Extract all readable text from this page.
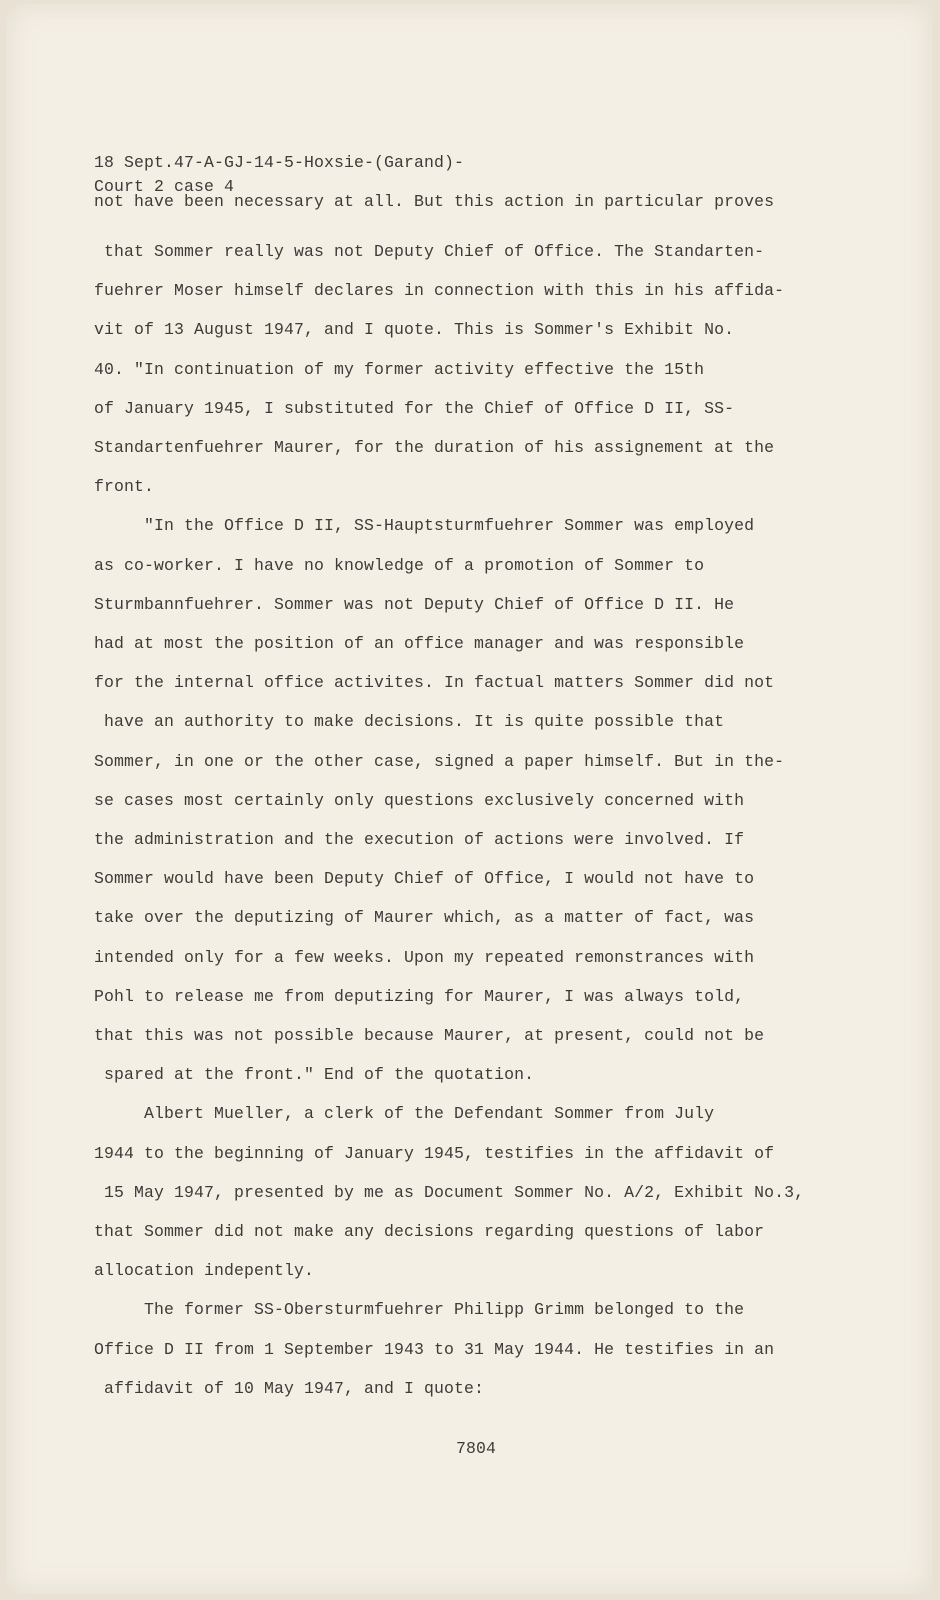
18 Sept.47-A-GJ-14-5-Hoxsie-(Garand)-
Court 2 case 4
not have been necessary at all. But this action in particular proves
that Sommer really was not Deputy Chief of Office. The Standarten-
fuehrer Moser himself declares in connection with this in his affida-
vit of 13 August 1947, and I quote. This is Sommer's Exhibit No.
40. "In continuation of my former activity effective the 15th
of January 1945, I substituted for the Chief of Office D II, SS-
Standartenfuehrer Maurer, for the duration of his assignement at the
front.
"In the Office D II, SS-Hauptsturmfuehrer Sommer was employed
as co-worker. I have no knowledge of a promotion of Sommer to
Sturmbannfuehrer. Sommer was not Deputy Chief of Office D II. He
had at most the position of an office manager and was responsible
for the internal office activites. In factual matters Sommer did not
have an authority to make decisions. It is quite possible that
Sommer, in one or the other case, signed a paper himself. But in the-
se cases most certainly only questions exclusively concerned with
the administration and the execution of actions were involved. If
Sommer would have been Deputy Chief of Office, I would not have to
take over the deputizing of Maurer which, as a matter of fact, was
intended only for a few weeks. Upon my repeated remonstrances with
Pohl to release me from deputizing for Maurer, I was always told,
that this was not possible because Maurer, at present, could not be
spared at the front." End of the quotation.
Albert Mueller, a clerk of the Defendant Sommer from July
1944 to the beginning of January 1945, testifies in the affidavit of
15 May 1947, presented by me as Document Sommer No. A/2, Exhibit No.3,
that Sommer did not make any decisions regarding questions of labor
allocation indepently.
The former SS-Obersturmfuehrer Philipp Grimm belonged to the
Office D II from 1 September 1943 to 31 May 1944. He testifies in an
affidavit of 10 May 1947, and I quote:
7804
